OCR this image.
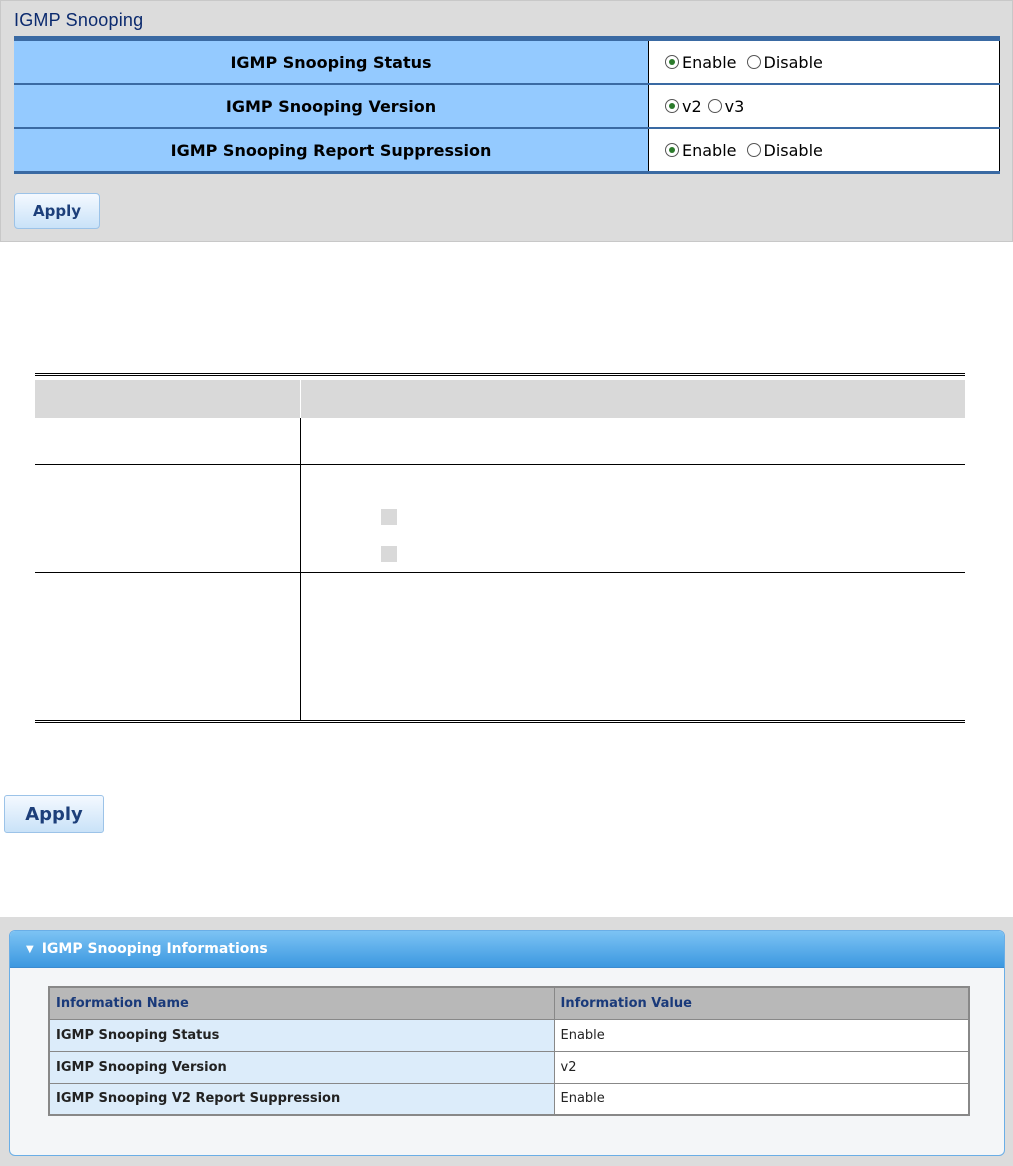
IGMP Snooping
IGMP Snooping Status	Enable Disable
IGMP Snooping Version	v2 v3
IGMP Snooping Report Suppression	Enable Disable
Apply
Apply
▼ IGMP Snooping Informations
Information Name	Information Value
IGMP Snooping Status	Enable
IGMP Snooping Version	v2
IGMP Snooping V2 Report Suppression	Enable
